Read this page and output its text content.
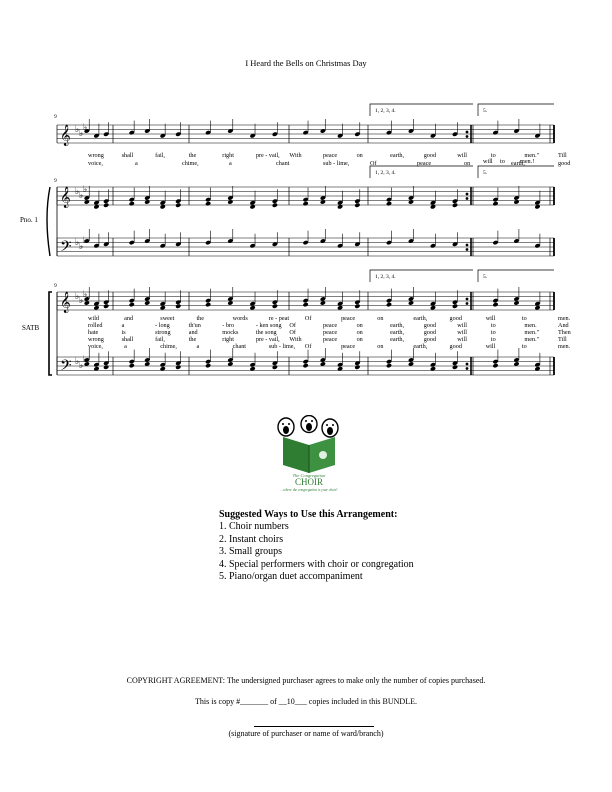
I Heard the Bells on Christmas Day
9
1, 2, 3, 4.	5.
𝄞 ♭ ♭
♭
wrong	shall	fail,	the	right	pre - vail, With	peace	on	earth,	good	will	to	men."	Till
voice,	a	chime,	a	chant	sub - lime,	Of	peace	on	earth,	good
will to men.!
1, 2, 3, 4.	5.
9
𝄞 ♭ ♭
♭
𝄢 ♭ ♭
♭
Pno. 1
1, 2, 3, 4.	5.
9
𝄞 ♭ ♭
♭
𝄢 ♭ ♭
♭
SATB
wild	and	sweet	the	words	re - peat	Of	peace	on	earth,	good	will	to	men.
rolled	a	- long	th'un	- bro	- ken song Of	peace	on	earth,	good	will	to	men.	And
hate	is	strong	and	mocks	the song Of	peace	on	earth,	good	will	to	men."	Then
wrong	shall	fail,	the	right	pre - vail, With	peace	on	earth,	good	will	to	men."	Till
voice,	a	chime,	a	chant	sub - lime, Of	peace	on	earth,	good	will	to	men.
The Congregation
CHOIR
...where the congregation is your choir!
Suggested Ways to Use this Arrangement:
1. Choir numbers
2. Instant choirs
3. Small groups
4. Special performers with choir or congregation
5. Piano/organ duet accompaniment
COPYRIGHT AGREEMENT: The undersigned purchaser agrees to make only the number of copies purchased.
This is copy #_______ of __10___ copies included in this BUNDLE.
(signature of purchaser or name of ward/branch)
